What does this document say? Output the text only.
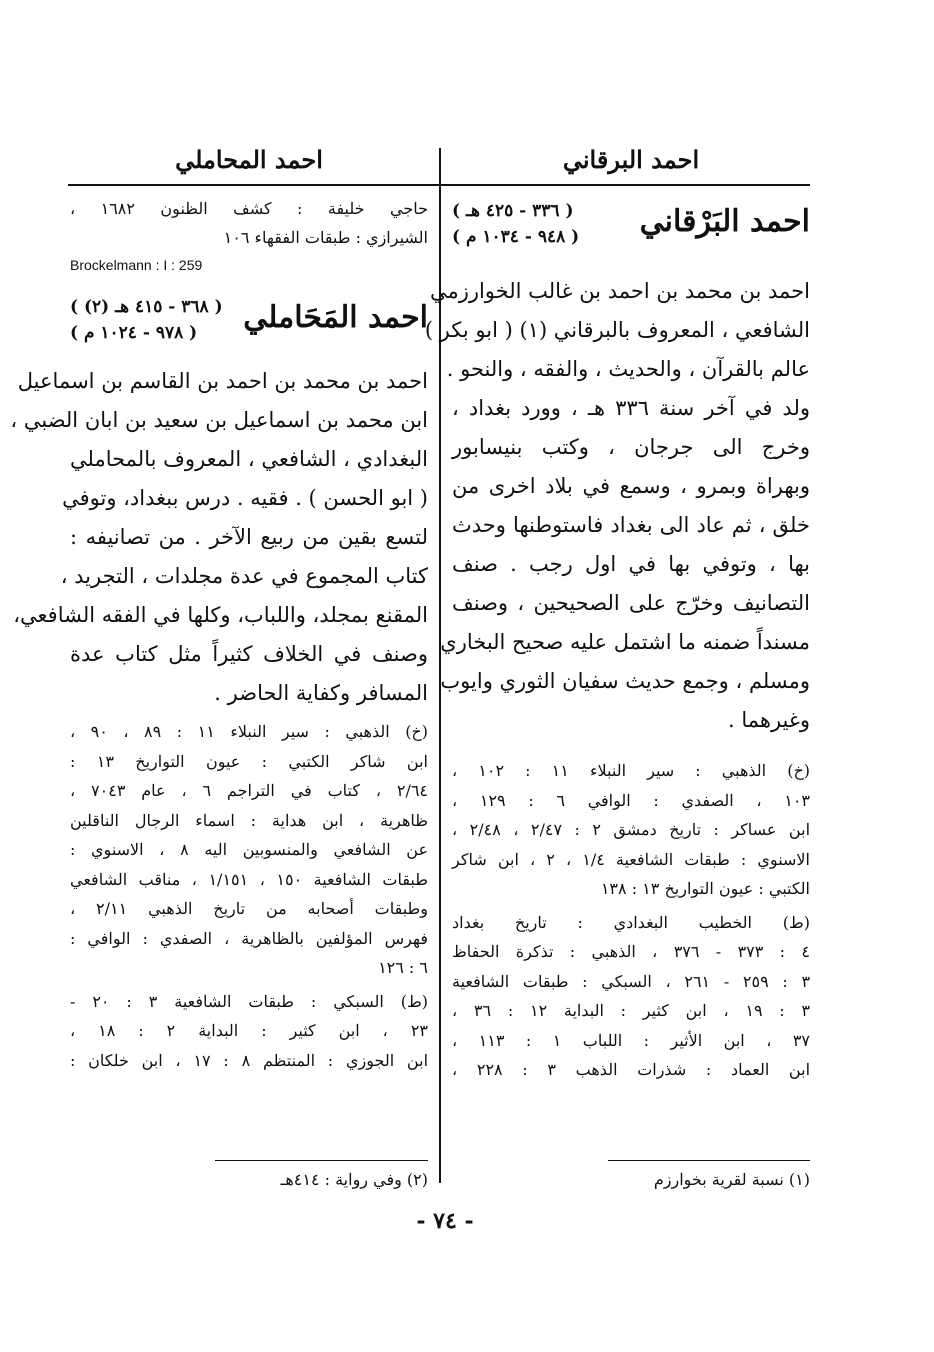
احمد البرقاني
احمد البَرْقاني
( ٣٣٦ - ٤٢٥ هـ )
( ٩٤٨ - ١٠٣٤ م )
احمد بن محمد بن احمد بن غالب الخوارزمي
الشافعي ، المعروف بالبرقاني (١) ( ابو بكر )
عالم بالقرآن ، والحديث ، والفقه ، والنحو .
ولد في آخر سنة ٣٣٦ هـ ، وورد بغداد ،
وخرج الى جرجان ، وكتب بنيسابور
وبهراة وبمرو ، وسمع في بلاد اخرى من
خلق ، ثم عاد الى بغداد فاستوطنها وحدث
بها ، وتوفي بها في اول رجب . صنف
التصانيف وخرّج على الصحيحين ، وصنف
مسنداً ضمنه ما اشتمل عليه صحيح البخاري
ومسلم ، وجمع حديث سفيان الثوري وايوب
وغيرهما .
(خ) الذهبي : سير النبلاء ١١ : ١٠٢ ،
١٠٣ ، الصفدي : الوافي ٦ : ١٢٩ ،
ابن عساكر : تاريخ دمشق ٢ : ٢/٤٧ ، ٢/٤٨ ،
الاسنوي : طبقات الشافعية ١/٤ ، ٢ ، ابن شاكر
الكتبي : عيون التواريخ ١٣ : ١٣٨
(ط) الخطيب البغدادي : تاريخ بغداد
٤ : ٣٧٣ - ٣٧٦ ، الذهبي : تذكرة الحفاظ
٣ : ٢٥٩ - ٢٦١ ، السبكي : طبقات الشافعية
٣ : ١٩ ، ابن كثير : البداية ١٢ : ٣٦ ،
٣٧ ، ابن الأثير : اللباب ١ : ١١٣ ،
ابن العماد : شذرات الذهب ٣ : ٢٢٨ ،
احمد المحاملي
حاجي خليفة : كشف الظنون ١٦٨٢ ،
الشيرازي : طبقات الفقهاء ١٠٦
Brockelmann : I : 259
احمد المَحَاملي
( ٣٦٨ - ٤١٥ هـ (٢) )
( ٩٧٨ - ١٠٢٤ م )
احمد بن محمد بن احمد بن القاسم بن اسماعيل
ابن محمد بن اسماعيل بن سعيد بن ابان الضبي ،
البغدادي ، الشافعي ، المعروف بالمحاملي
( ابو الحسن ) . فقيه . درس ببغداد، وتوفي
لتسع بقين من ربيع الآخر . من تصانيفه :
كتاب المجموع في عدة مجلدات ، التجريد ،
المقنع بمجلد، واللباب، وكلها في الفقه الشافعي،
وصنف في الخلاف كثيراً مثل كتاب عدة
المسافر وكفاية الحاضر .
(خ) الذهبي : سير النبلاء ١١ : ٨٩ ، ٩٠ ،
ابن شاكر الكتبي : عيون التواريخ ١٣ :
٢/٦٤ ، كتاب في التراجم ٦ ، عام ٧٠٤٣ ،
ظاهرية ، ابن هداية : اسماء الرجال الناقلين
عن الشافعي والمنسوبين اليه ٨ ، الاسنوي :
طبقات الشافعية ١٥٠ ، ١/١٥١ ، مناقب الشافعي
وطبقات أصحابه من تاريخ الذهبي ٢/١١ ،
فهرس المؤلفين بالظاهرية ، الصفدي : الوافي :
٦ : ١٢٦
(ط) السبكي : طبقات الشافعية ٣ : ٢٠ -
٢٣ ، ابن كثير : البداية ٢ : ١٨ ،
ابن الجوزي : المنتظم ٨ : ١٧ ، ابن خلكان :
(١) نسبة لقرية بخوارزم
(٢) وفي رواية : ٤١٤هـ
- ٧٤ -
